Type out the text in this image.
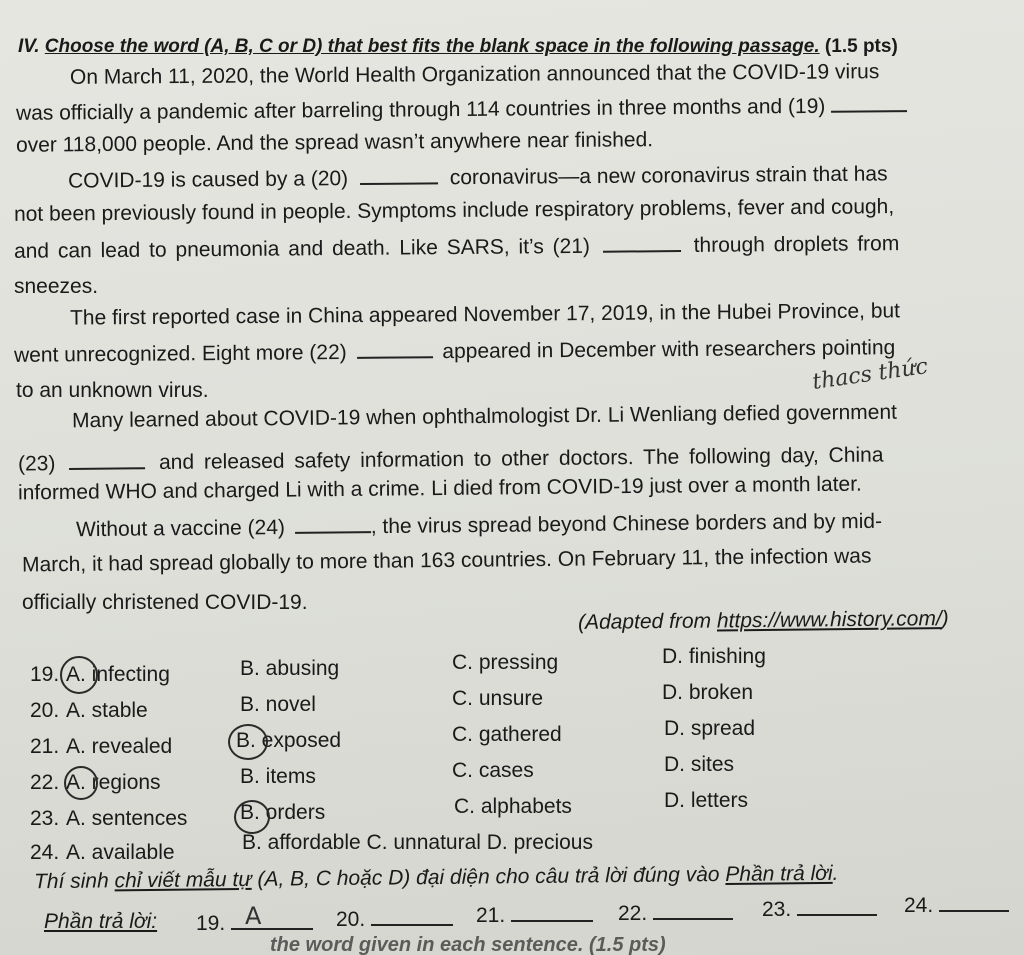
IV. Choose the word (A, B, C or D) that best fits the blank space in the following passage. (1.5 pts)
On March 11, 2020, the World Health Organization announced that the COVID-19 virus
was officially a pandemic after barreling through 114 countries in three months and (19)
over 118,000 people. And the spread wasn’t anywhere near finished.
COVID-19 is caused by a (20)	coronavirus—a new coronavirus strain that has
not been previously found in people. Symptoms include respiratory problems, fever and cough,
and can lead to pneumonia and death. Like SARS, it’s (21)	through droplets from
sneezes.
The first reported case in China appeared November 17, 2019, in the Hubei Province, but
went unrecognized. Eight more (22)	appeared in December with researchers pointing
to an unknown virus.	thacs thức
Many learned about COVID-19 when ophthalmologist Dr. Li Wenliang defied government
(23)	and released safety information to other doctors. The following day, China
informed WHO and charged Li with a crime. Li died from COVID-19 just over a month later.
Without a vaccine (24)	, the virus spread beyond Chinese borders and by mid-
March, it had spread globally to more than 163 countries. On February 11, the infection was
officially christened COVID-19.
(Adapted from https://www.history.com/)
19. A. infecting	B. abusing	C. pressing	D. finishing
20. A. stable	B. novel	C. unsure	D. broken
21. A. revealed	B. exposed	C. gathered	D. spread
22. A. regions	B. items	C. cases	D. sites
23. A. sentences	B. orders	C. alphabets	D. letters
24. A. available	B. affordable C. unnatural D. precious
Thí sinh chỉ viết mẫu tự (A, B, C hoặc D) đại diện cho câu trả lời đúng vào Phần trả lời.
Phần trả lời: 19. A	20.	21.	22.	23.	24.
the word given in each sentence. (1.5 pts)
